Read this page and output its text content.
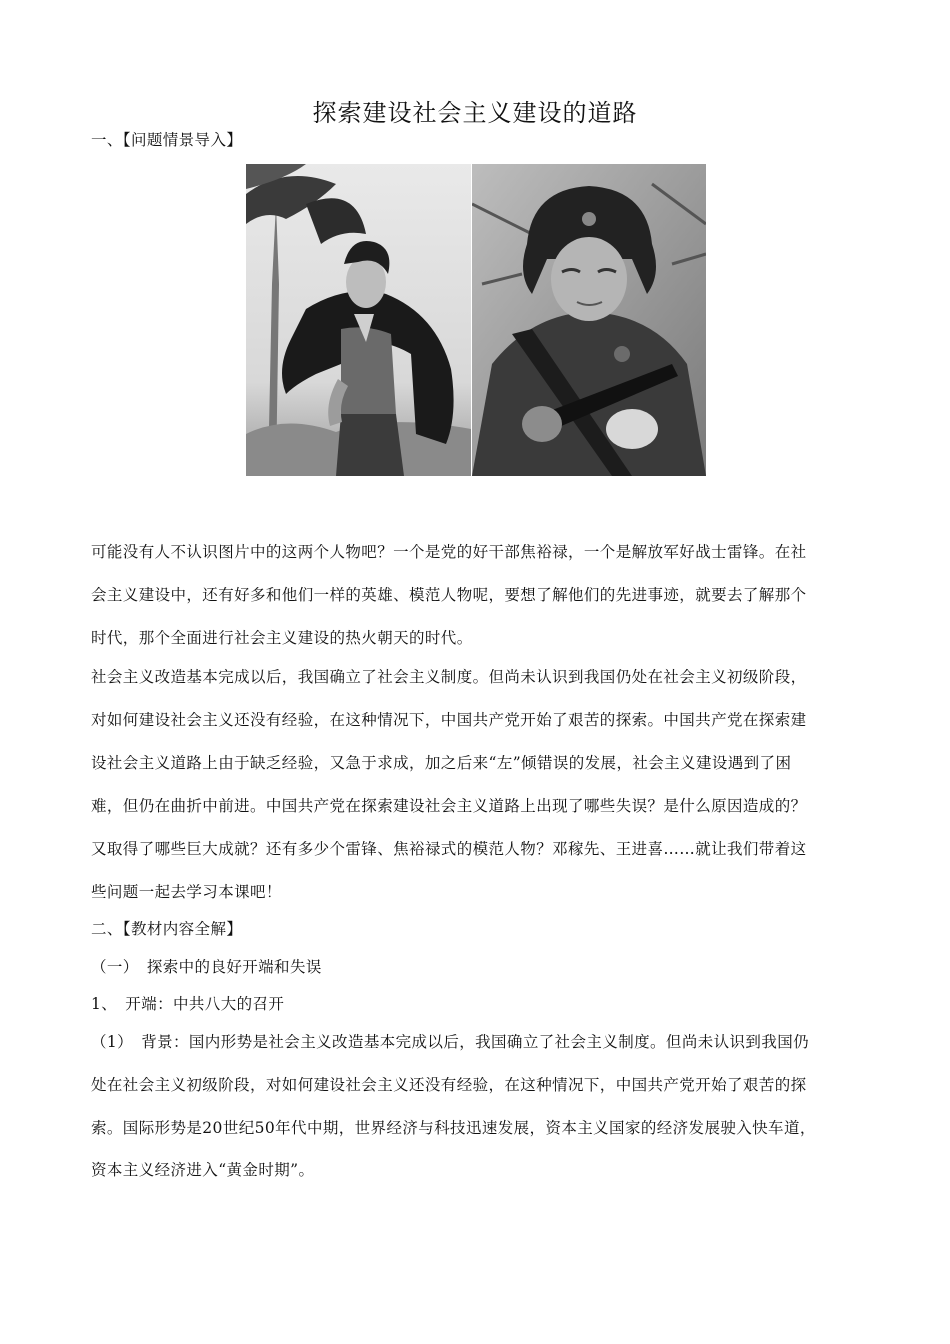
探索建设社会主义建设的道路
一、【问题情景导入】
可能没有人不认识图片中的这两个人物吧？一个是党的好干部焦裕禄，一个是解放军好战士雷锋。在社
会主义建设中，还有好多和他们一样的英雄、模范人物呢，要想了解他们的先进事迹，就要去了解那个
时代，那个全面进行社会主义建设的热火朝天的时代。
社会主义改造基本完成以后，我国确立了社会主义制度。但尚未认识到我国仍处在社会主义初级阶段，
对如何建设社会主义还没有经验，在这种情况下，中国共产党开始了艰苦的探索。中国共产党在探索建
设社会主义道路上由于缺乏经验，又急于求成，加之后来“左”倾错误的发展，社会主义建设遇到了困
难，但仍在曲折中前进。中国共产党在探索建设社会主义道路上出现了哪些失误？是什么原因造成的？
又取得了哪些巨大成就？还有多少个雷锋、焦裕禄式的模范人物？邓稼先、王进喜……就让我们带着这
些问题一起去学习本课吧！
二、【教材内容全解】
（一）　探索中的良好开端和失误
1、　开端：中共八大的召开
（1）　背景：国内形势是社会主义改造基本完成以后，我国确立了社会主义制度。但尚未认识到我国仍
处在社会主义初级阶段，对如何建设社会主义还没有经验，在这种情况下，中国共产党开始了艰苦的探
索。国际形势是20世纪50年代中期，世界经济与科技迅速发展，资本主义国家的经济发展驶入快车道，
资本主义经济进入“黄金时期”。
